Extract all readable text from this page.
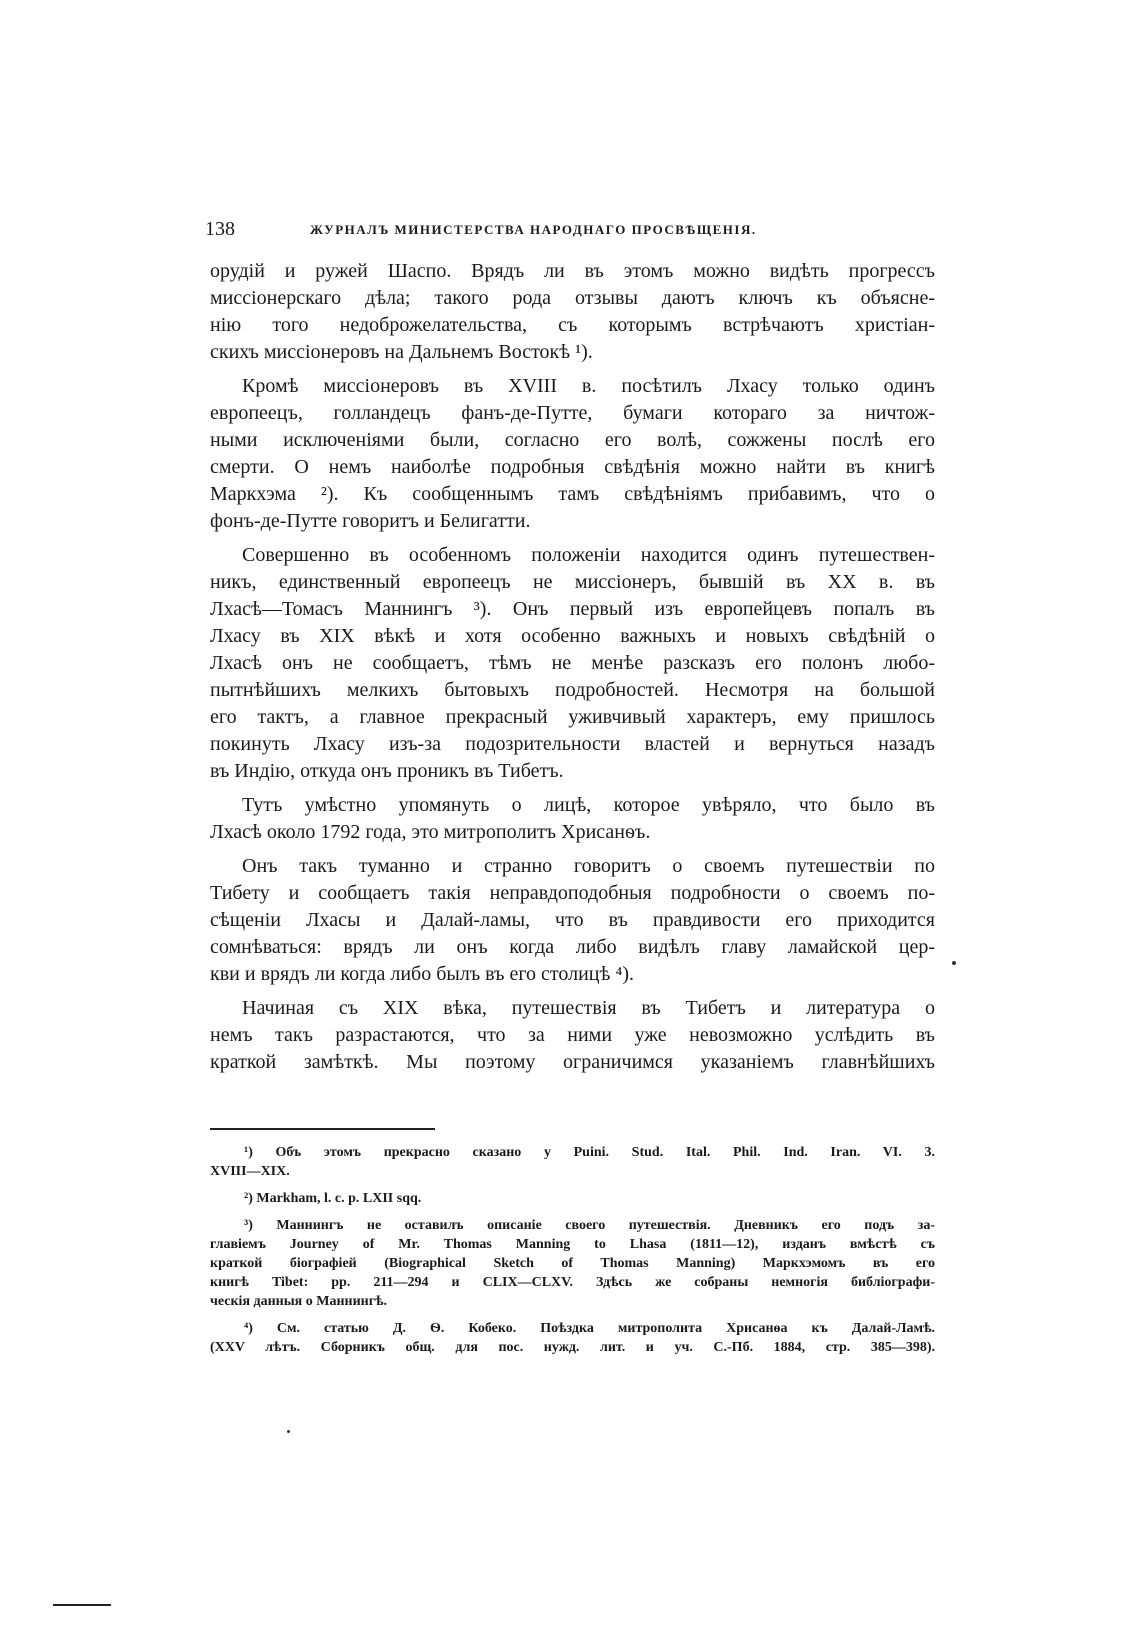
138	ЖУРНАЛЪ МИНИСТЕРСТВА НАРОДНАГО ПРОСВѢЩЕНІЯ.
орудій и ружей Шаспо. Врядъ ли въ этомъ можно видѣть прогрессъ
миссіонерскаго дѣла; такого рода отзывы даютъ ключъ къ объясне-
нію того недоброжелательства, съ которымъ встрѣчаютъ христіан-
скихъ миссіонеровъ на Дальнемъ Востокѣ ¹).
Кромѣ миссіонеровъ въ XVIII в. посѣтилъ Лхасу только одинъ
европеецъ, голландецъ фанъ-де-Путте, бумаги котораго за ничтож-
ными исключеніями были, согласно его волѣ, сожжены послѣ его
смерти. О немъ наиболѣе подробныя свѣдѣнія можно найти въ книгѣ
Маркхэма ²). Къ сообщеннымъ тамъ свѣдѣніямъ прибавимъ, что о
фонъ-де-Путте говоритъ и Белигатти.
Совершенно въ особенномъ положеніи находится одинъ путешествен-
никъ, единственный европеецъ не миссіонеръ, бывшій въ XX в. въ
Лхасѣ—Томасъ Маннингъ ³). Онъ первый изъ европейцевъ попалъ въ
Лхасу въ XIX вѣкѣ и хотя особенно важныхъ и новыхъ свѣдѣній о
Лхасѣ онъ не сообщаетъ, тѣмъ не менѣе разсказъ его полонъ любо-
пытнѣйшихъ мелкихъ бытовыхъ подробностей. Несмотря на большой
его тактъ, а главное прекрасный уживчивый характеръ, ему пришлось
покинуть Лхасу изъ-за подозрительности властей и вернуться назадъ
въ Индію, откуда онъ проникъ въ Тибетъ.
Тутъ умѣстно упомянуть о лицѣ, которое увѣряло, что было въ
Лхасѣ около 1792 года, это митрополитъ Хрисанѳъ.
Онъ такъ туманно и странно говоритъ о своемъ путешествіи по
Тибету и сообщаетъ такія неправдоподобныя подробности о своемъ по-
сѣщеніи Лхасы и Далай-ламы, что въ правдивости его приходится
сомнѣваться: врядъ ли онъ когда либо видѣлъ главу ламайской цер-
кви и врядъ ли когда либо былъ въ его столицѣ ⁴).
Начиная съ XIX вѣка, путешествія въ Тибетъ и литература о
немъ такъ разрастаются, что за ними уже невозможно услѣдить въ
краткой замѣткѣ. Мы поэтому ограничимся указаніемъ главнѣйшихъ
¹) Объ этомъ прекрасно сказано у Puini. Stud. Ital. Phil. Ind. Iran. VI. 3.
XVIII—XIX.
²) Markham, l. c. p. LXII sqq.
³) Маннингъ не оставилъ описаніе своего путешествія. Дневникъ его подъ за-
главіемъ Journey of Mr. Thomas Manning to Lhasa (1811—12), изданъ вмѣстѣ съ
краткой біографіей (Biographical Sketch of Thomas Manning) Маркхэмомъ въ его
книгѣ Tibet: pp. 211—294 и CLIX—CLXV. Здѣсь же собраны немногія библіографи-
ческія данныя о Маннингѣ.
⁴) См. статью Д. Ѳ. Кобеко. Поѣздка митрополита Хрисанѳа къ Далай-Ламѣ.
(XXV лѣтъ. Сборникъ общ. для пос. нужд. лит. и уч. С.-Пб. 1884, стр. 385—398).
